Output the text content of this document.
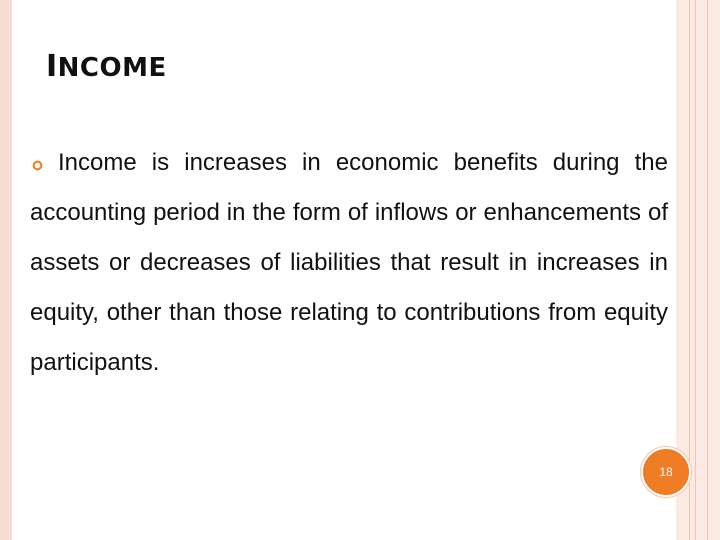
INCOME

Income is increases in economic benefits during the accounting period in the form of inflows or enhancements of assets or decreases of liabilities that result in increases in equity, other than those relating to contributions from equity participants.

18
